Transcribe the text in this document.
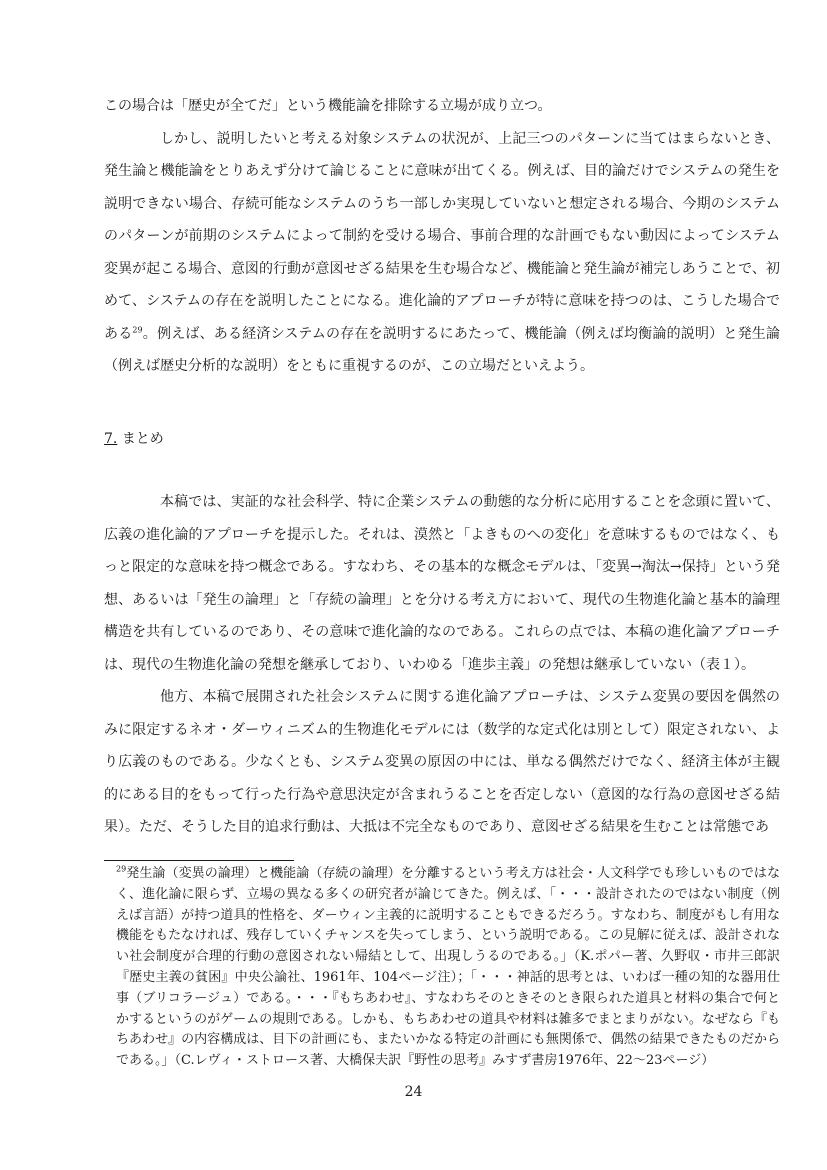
この場合は「歴史が全てだ」という機能論を排除する立場が成り立つ。

しかし、説明したいと考える対象システムの状況が、上記三つのパターンに当てはまらないとき、発生論と機能論をとりあえず分けて論じることに意味が出てくる。例えば、目的論だけでシステムの発生を説明できない場合、存続可能なシステムのうち一部しか実現していないと想定される場合、今期のシステムのパターンが前期のシステムによって制約を受ける場合、事前合理的な計画でもない動因によってシステム変異が起こる場合、意図的行動が意図せざる結果を生む場合など、機能論と発生論が補完しあうことで、初めて、システムの存在を説明したことになる。進化論的アプローチが特に意味を持つのは、こうした場合である$^{29}$。例えば、ある経済システムの存在を説明するにあたって、機能論（例えば均衡論的説明）と発生論（例えば歴史分析的な説明）をともに重視するのが、この立場だといえよう。

7. まとめ

本稿では、実証的な社会科学、特に企業システムの動態的な分析に応用することを念頭に置いて、広義の進化論的アプローチを提示した。それは、漠然と「よきものへの変化」を意味するものではなく、もっと限定的な意味を持つ概念である。すなわち、その基本的な概念モデルは、「変異→淘汰→保持」という発想、あるいは「発生の論理」と「存続の論理」とを分ける考え方において、現代の生物進化論と基本的論理構造を共有しているのであり、その意味で進化論的なのである。これらの点では、本稿の進化論アプローチは、現代の生物進化論の発想を継承しており、いわゆる「進歩主義」の発想は継承していない（表１）。

他方、本稿で展開された社会システムに関する進化論アプローチは、システム変異の要因を偶然のみに限定するネオ・ダーウィニズム的生物進化モデルには（数学的な定式化は別として）限定されない、より広義のものである。少なくとも、システム変異の原因の中には、単なる偶然だけでなく、経済主体が主観的にある目的をもって行った行為や意思決定が含まれうることを否定しない（意図的な行為の意図せざる結果）。ただ、そうした目的追求行動は、大抵は不完全なものであり、意図せざる結果を生むことは常態であ

$^{29}$発生論（変異の論理）と機能論（存続の論理）を分離するという考え方は社会・人文科学でも珍しいものではなく、進化論に限らず、立場の異なる多くの研究者が論じてきた。例えば、「・・・設計されたのではない制度（例えば言語）が持つ道具的性格を、ダーウィン主義的に説明することもできるだろう。すなわち、制度がもし有用な機能をもたなければ、残存していくチャンスを失ってしまう、という説明である。この見解に従えば、設計されない社会制度が合理的行動の意図されない帰結として、出現しうるのである。」（K.ポパー著、久野収・市井三郎訳『歴史主義の貧困』中央公論社、1961年、104ページ注）；「・・・神話的思考とは、いわば一種の知的な器用仕事（ブリコラージュ）である。・・・『もちあわせ』、すなわちそのときそのとき限られた道具と材料の集合で何とかするというのがゲームの規則である。しかも、もちあわせの道具や材料は雑多でまとまりがない。なぜなら『もちあわせ』の内容構成は、目下の計画にも、またいかなる特定の計画にも無関係で、偶然の結果できたものだからである。」（C.レヴィ・ストロース著、大橋保夫訳『野性の思考』みすず書房1976年、22～23ページ）

24
